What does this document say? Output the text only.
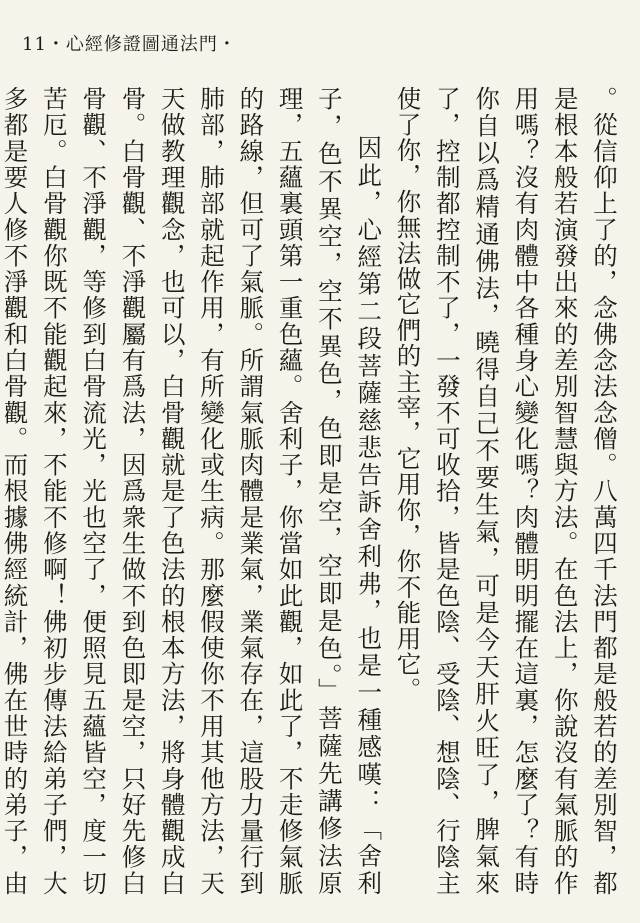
11・心經修證圖通法門・

。從信仰上了的，念佛念法念僧。八萬四千法門都是般若的差別智，都是根本般若演發出來的差別智慧與方法。在色法上，你說沒有氣脈的作用嗎？沒有肉體中各種身心變化嗎？肉體明明擺在這裏，怎麼了？有時你自以爲精通佛法，曉得自己不要生氣，可是今天肝火旺了，脾氣來了，控制都控制不了，一發不可收拾，皆是色陰、受陰、想陰、行陰主使了你，你無法做它們的主宰，它用你，你不能用它。

因此，心經第二段菩薩慈悲告訴舍利弗，也是一種感嘆：「舍利子，色不異空，空不異色，色即是空，空即是色。」菩薩先講修法原理，五蘊裏頭第一重色蘊。舍利子，你當如此觀，如此了，不走修氣脈的路線，但可了氣脈。所謂氣脈肉體是業氣，業氣存在，這股力量行到肺部，肺部就起作用，有所變化或生病。那麼假使你不用其他方法，天天做教理觀念，也可以，白骨觀就是了色法的根本方法，將身體觀成白骨。白骨觀、不淨觀屬有爲法，因爲衆生做不到色即是空，只好先修白骨觀、不淨觀，等修到白骨流光，光也空了，便照見五蘊皆空，度一切苦厄。白骨觀你既不能觀起來，不能不修啊！佛初步傳法給弟子們，大多都是要人修不淨觀和白骨觀。而根據佛經統計，佛在世時的弟子，由
